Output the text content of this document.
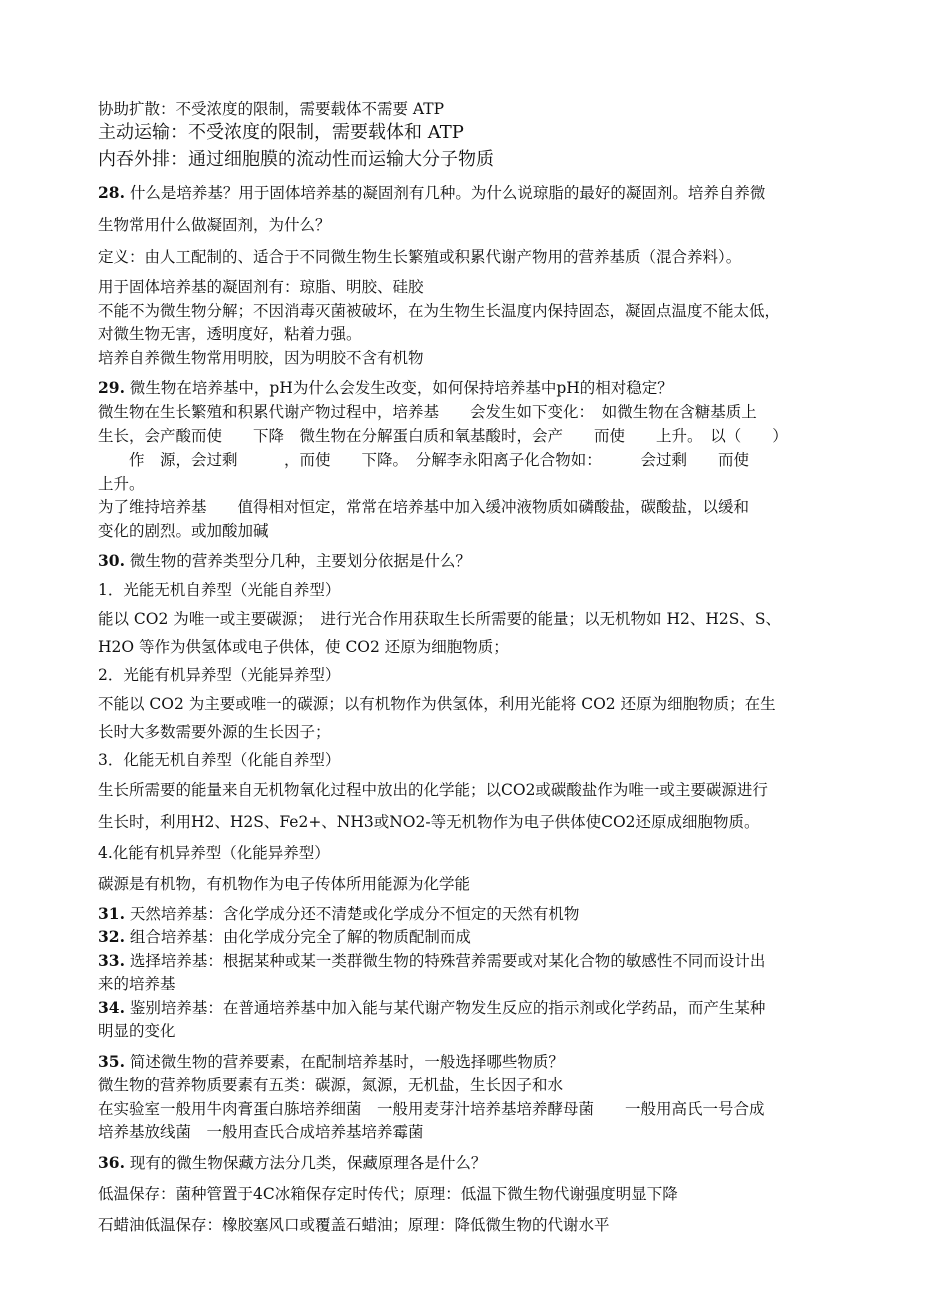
协助扩散：不受浓度的限制，需要载体不需要 ATP
主动运输：不受浓度的限制，需要载体和 ATP
内吞外排：通过细胞膜的流动性而运输大分子物质
28. 什么是培养基？用于固体培养基的凝固剂有几种。为什么说琼脂的最好的凝固剂。培养自养微
生物常用什么做凝固剂，为什么？
定义：由人工配制的、适合于不同微生物生长繁殖或积累代谢产物用的营养基质（混合养料）。
用于固体培养基的凝固剂有：琼脂、明胶、硅胶
不能不为微生物分解；不因消毒灭菌被破坏，在为生物生长温度内保持固态，凝固点温度不能太低，
对微生物无害，透明度好，粘着力强。
培养自养微生物常用明胶，因为明胶不含有机物
29. 微生物在培养基中，pH为什么会发生改变，如何保持培养基中pH的相对稳定？
微生物在生长繁殖和积累代谢产物过程中，培养基　　会发生如下变化：　如微生物在含糖基质上
生长，会产酸而使　　下降　微生物在分解蛋白质和氧基酸时，会产　　而使　　上升。　以（　　）
　　作　源，会过剩　　　，而使　　下降。　分解李永阳离子化合物如：　　　会过剩　　而使
上升。
为了维持培养基　　值得相对恒定，常常在培养基中加入缓冲液物质如磷酸盐，碳酸盐，以缓和
变化的剧烈。或加酸加碱
30. 微生物的营养类型分几种，主要划分依据是什么？
1．光能无机自养型（光能自养型）
能以 CO2 为唯一或主要碳源；　进行光合作用获取生长所需要的能量；以无机物如 H2、H2S、S、
H2O 等作为供氢体或电子供体，使 CO2 还原为细胞物质；
2．光能有机异养型（光能异养型）
不能以 CO2 为主要或唯一的碳源；以有机物作为供氢体，利用光能将 CO2 还原为细胞物质；在生
长时大多数需要外源的生长因子；
3．化能无机自养型（化能自养型）
生长所需要的能量来自无机物氧化过程中放出的化学能；以CO2或碳酸盐作为唯一或主要碳源进行
生长时，利用H2、H2S、Fe2+、NH3或NO2-等无机物作为电子供体使CO2还原成细胞物质。
4.化能有机异养型（化能异养型）
碳源是有机物，有机物作为电子传体所用能源为化学能
31. 天然培养基：含化学成分还不清楚或化学成分不恒定的天然有机物
32. 组合培养基：由化学成分完全了解的物质配制而成
33. 选择培养基：根据某种或某一类群微生物的特殊营养需要或对某化合物的敏感性不同而设计出
来的培养基
34. 鉴别培养基：在普通培养基中加入能与某代谢产物发生反应的指示剂或化学药品，而产生某种
明显的变化
35. 简述微生物的营养要素，在配制培养基时，一般选择哪些物质？
微生物的营养物质要素有五类：碳源，氮源，无机盐，生长因子和水
在实验室一般用牛肉膏蛋白胨培养细菌　一般用麦芽汁培养基培养酵母菌　　一般用高氏一号合成
培养基放线菌　一般用查氏合成培养基培养霉菌
36. 现有的微生物保藏方法分几类，保藏原理各是什么？
低温保存：菌种管置于4C冰箱保存定时传代；原理：低温下微生物代谢强度明显下降
石蜡油低温保存：橡胶塞风口或覆盖石蜡油；原理：降低微生物的代谢水平
